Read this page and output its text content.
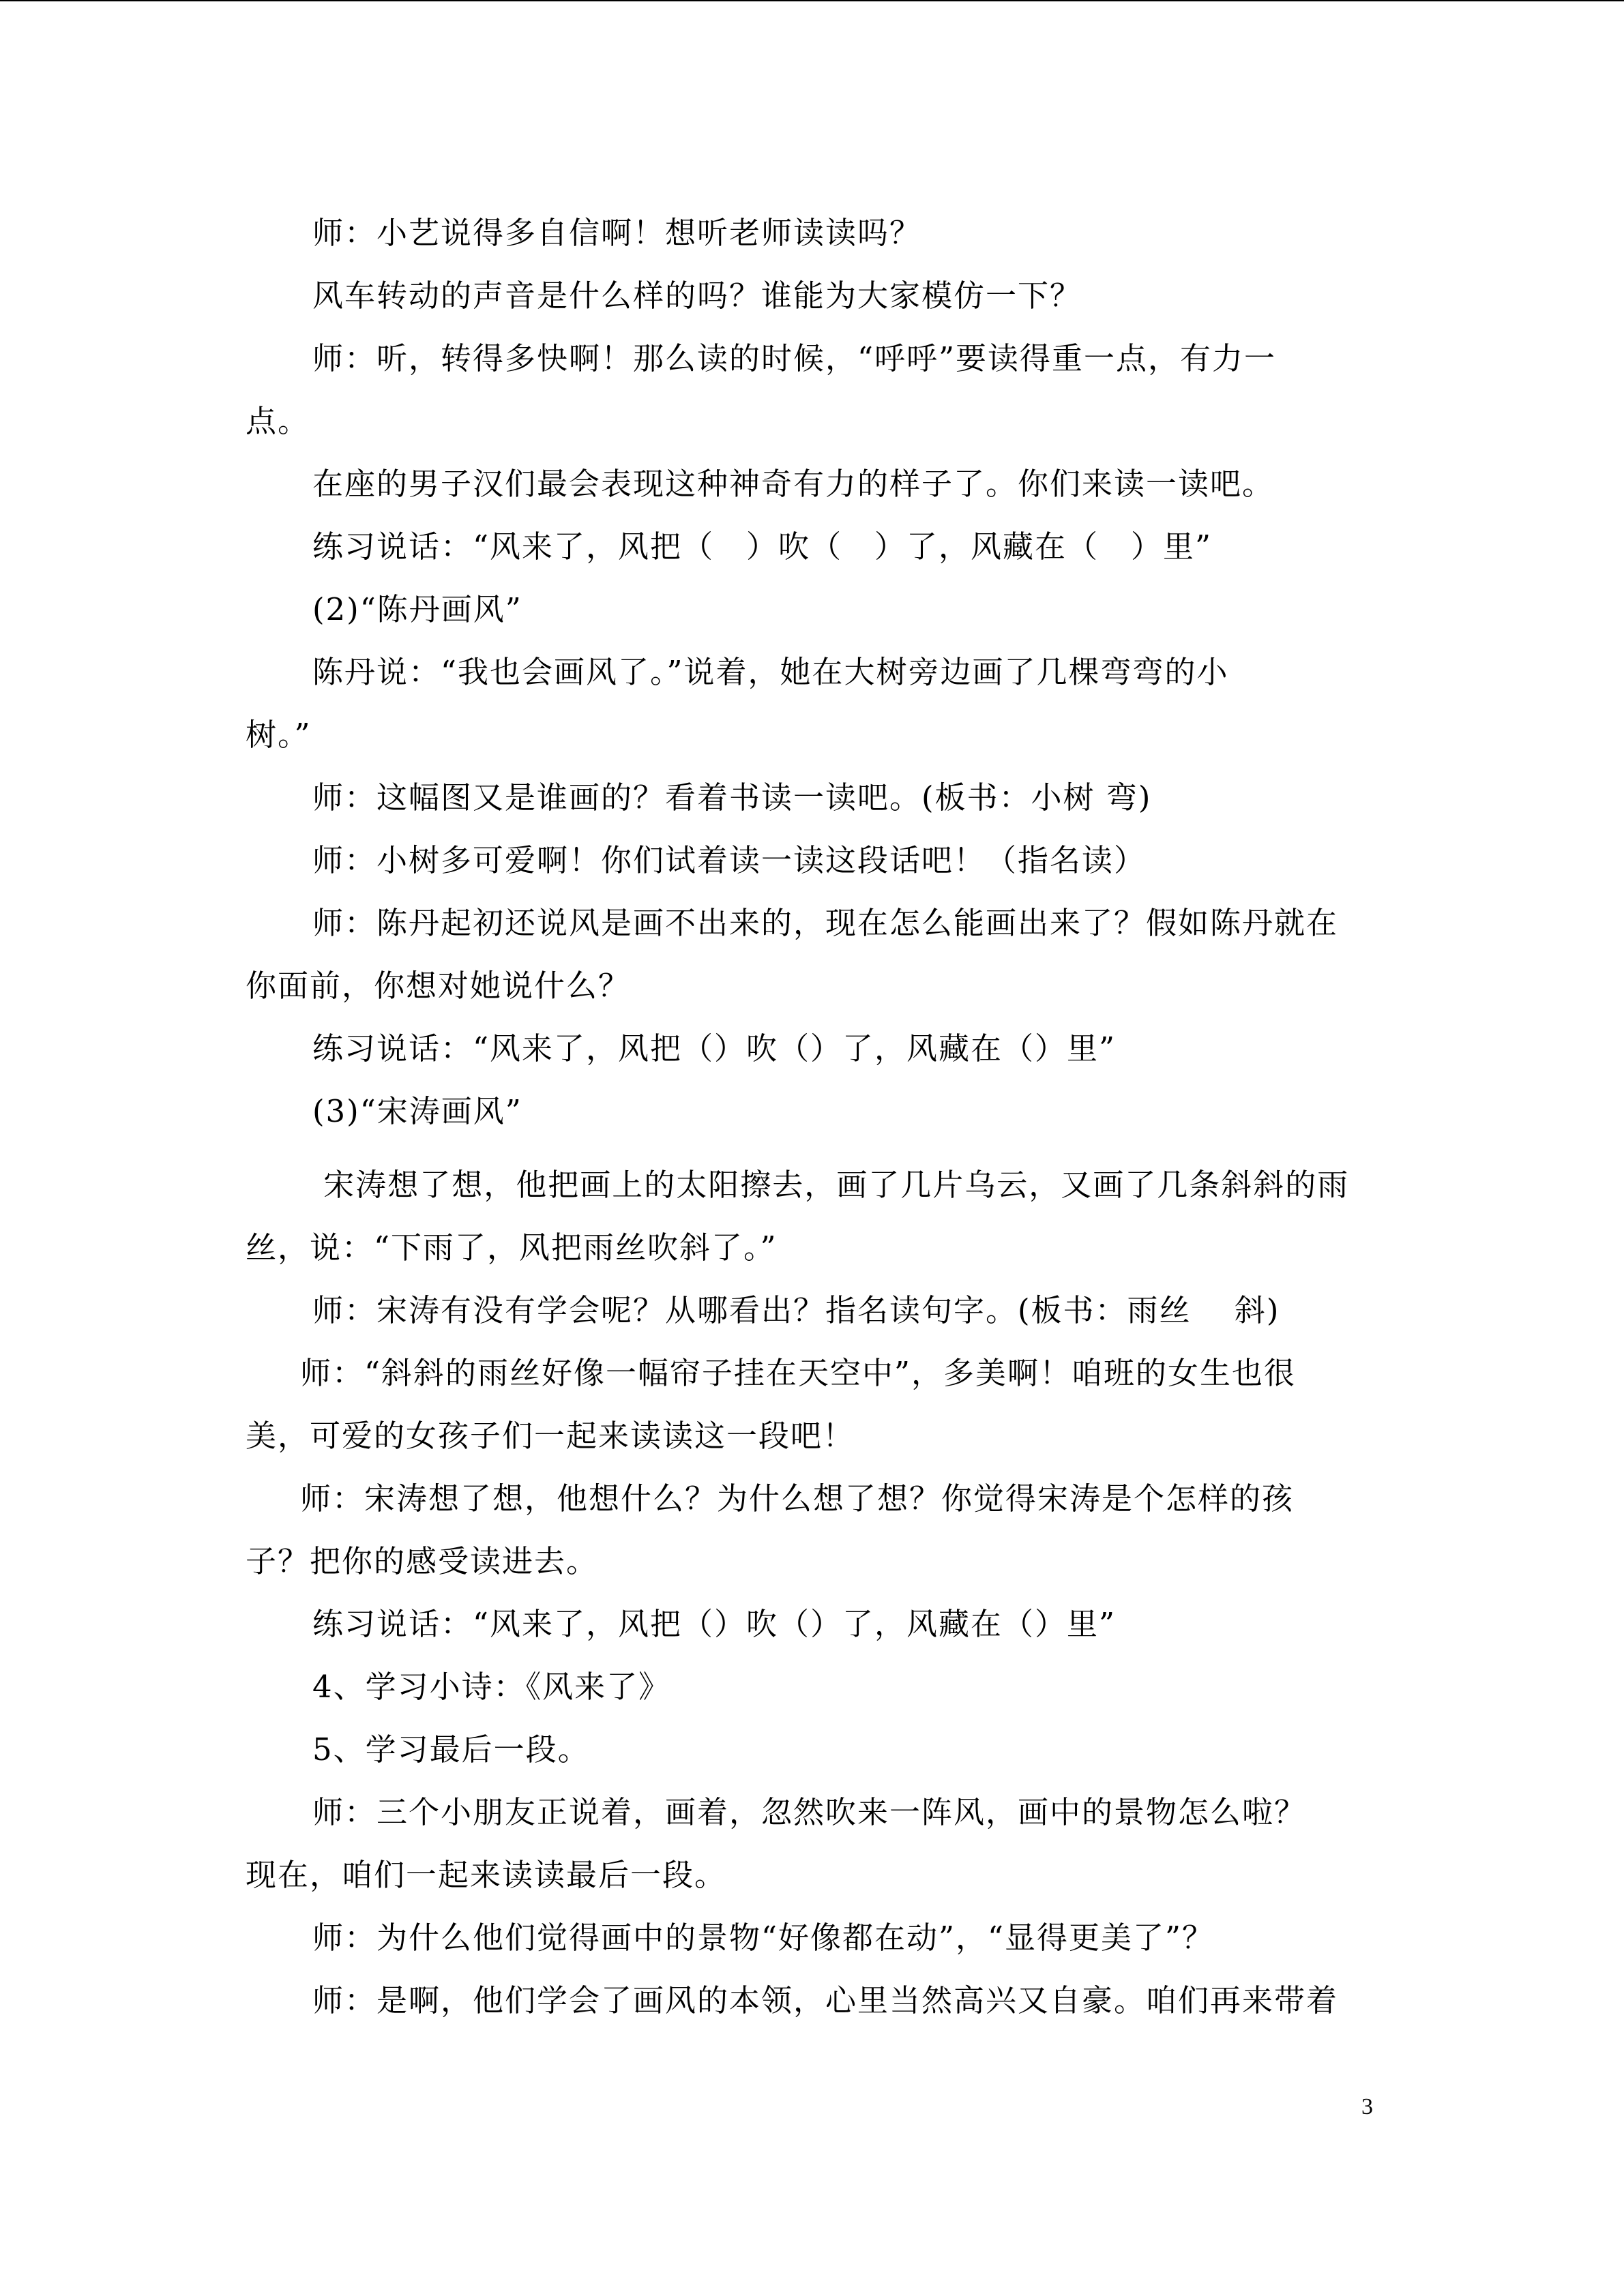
师：小艺说得多自信啊！想听老师读读吗？
风车转动的声音是什么样的吗？谁能为大家模仿一下？
师：听，转得多快啊！那么读的时候，“呼呼”要读得重一点，有力一
点。
在座的男子汉们最会表现这种神奇有力的样子了。你们来读一读吧。
练习说话：“风来了，风把（　）吹（　）了，风藏在（　）里”
(2)“陈丹画风”
陈丹说：“我也会画风了。”说着，她在大树旁边画了几棵弯弯的小
树。”
师：这幅图又是谁画的？看着书读一读吧。(板书：小树 弯)
师：小树多可爱啊！你们试着读一读这段话吧！（指名读）
师：陈丹起初还说风是画不出来的，现在怎么能画出来了？假如陈丹就在
你面前，你想对她说什么？
练习说话：“风来了，风把（）吹（）了，风藏在（）里”
(3)“宋涛画风”
宋涛想了想，他把画上的太阳擦去，画了几片乌云，又画了几条斜斜的雨
丝，说：“下雨了，风把雨丝吹斜了。”
师：宋涛有没有学会呢？从哪看出？指名读句字。(板书：雨丝　 斜)
师：“斜斜的雨丝好像一幅帘子挂在天空中”，多美啊！咱班的女生也很
美，可爱的女孩子们一起来读读这一段吧！
师：宋涛想了想，他想什么？为什么想了想？你觉得宋涛是个怎样的孩
子？把你的感受读进去。
练习说话：“风来了，风把（）吹（）了，风藏在（）里”
4、学习小诗：《风来了》
5、学习最后一段。
师：三个小朋友正说着，画着，忽然吹来一阵风，画中的景物怎么啦？
现在，咱们一起来读读最后一段。
师：为什么他们觉得画中的景物“好像都在动”，“显得更美了”？
师：是啊，他们学会了画风的本领，心里当然高兴又自豪。咱们再来带着
3
